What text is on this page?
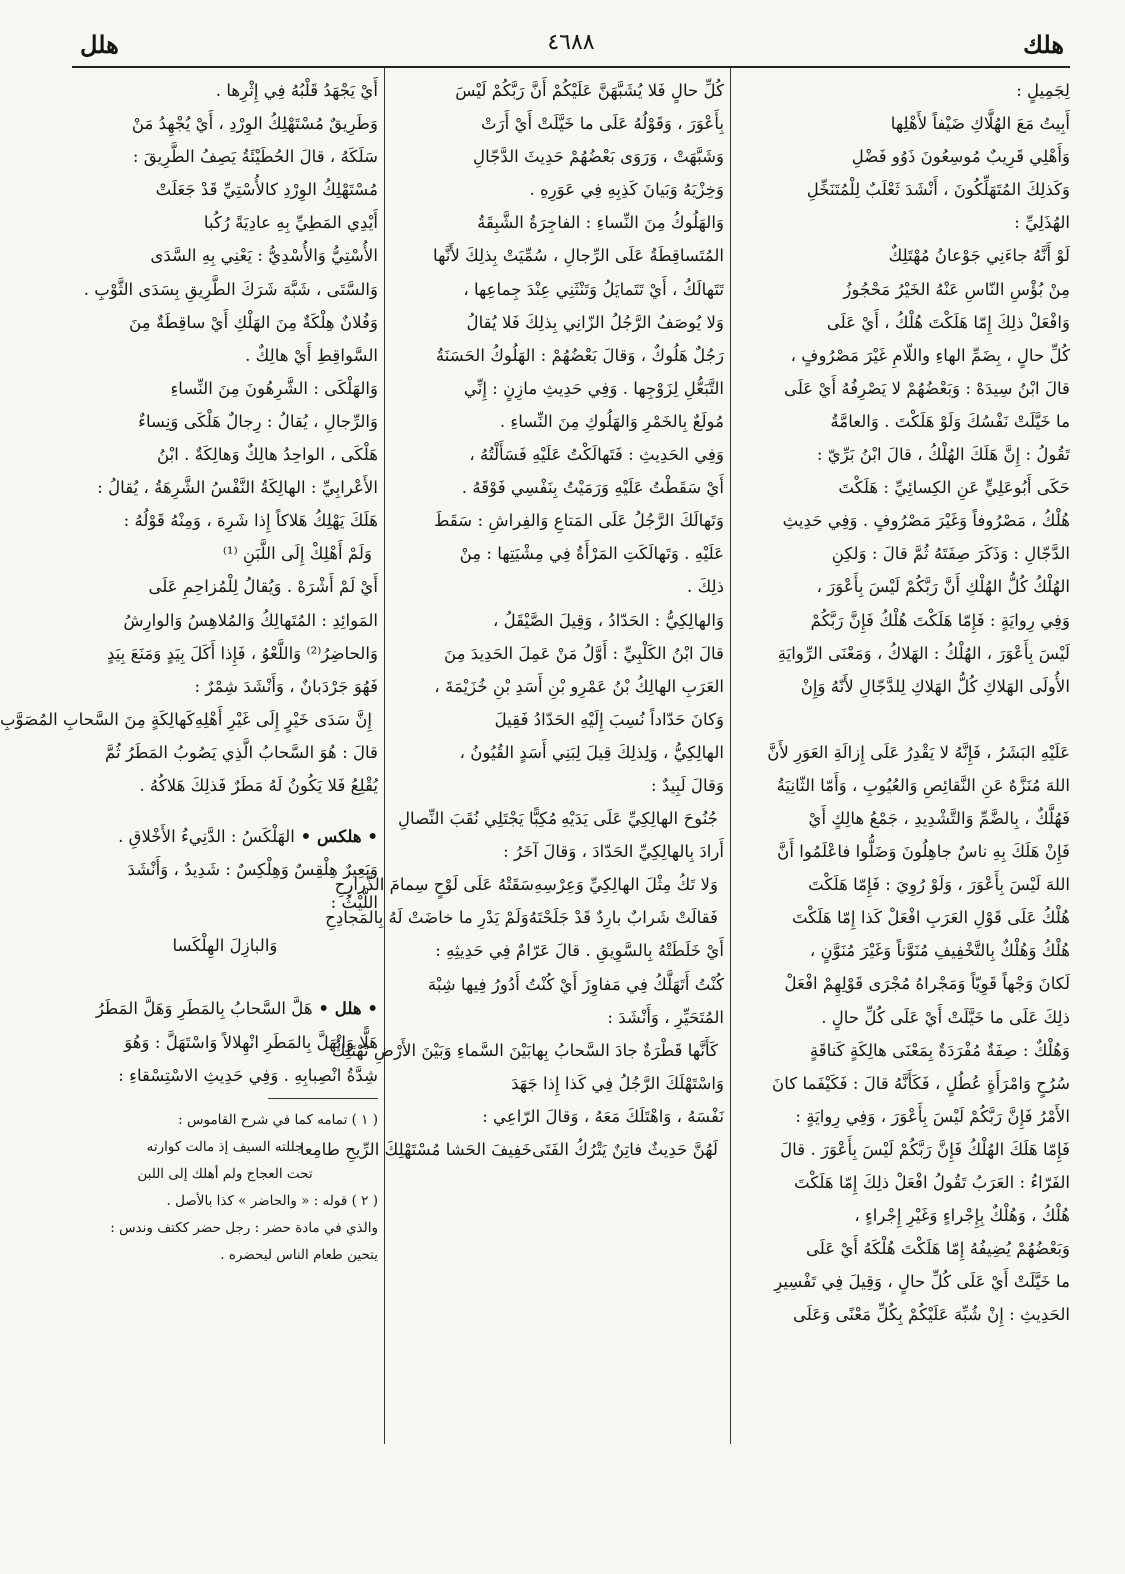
هلك
٤٦٨٨
هلل
لِجَمِيلٍ :
أَبِيتُ مَعَ الهُلَّاكِ ضَيْفاً لأَهْلِها
وَأَهْلِي قَرِيبٌ مُوسِعُونَ ذَوُو فَضْلِ
وَكَذلِكَ المُتَهَلِّكُونَ ، أَنْشَدَ ثَعْلَبٌ لِلْمُتَنَخِّلِ
الهُذَلِيِّ :
لَوْ أَنَّهُ جاءَنِي جَوْعانُ مُهْتَلِكٌ
مِنْ بُؤْسِ النّاسِ عَنْهُ الخَيْرُ مَحْجُوزُ
وَافْعَلْ ذلِكَ إِمّا هَلَكْتَ هُلْكُ ، أَيْ عَلَى
كُلِّ حالٍ ، بِضَمِّ الهاءِ واللّامِ غَيْرَ مَصْرُوفٍ ،
قالَ ابْنُ سِيدَهْ : وَبَعْضُهُمْ لا يَصْرِفُهُ أَيْ عَلَى
ما خَيَّلَتْ نَفْسُكَ وَلَوْ هَلَكْتَ . وَالعامَّةُ
تَقُولُ : إِنَّ هَلَكَ الهُلْكُ ، قالَ ابْنُ بَرِّيّ :
حَكَى أَبُوعَلِيٍّ عَنِ الكِسائِيِّ : هَلَكْتَ
هُلْكُ ، مَصْرُوفاً وَغَيْرَ مَصْرُوفٍ . وَفِي حَدِيثِ
الدَّجّالِ : وَذَكَرَ صِفَتَهُ ثُمَّ قالَ : وَلكِنِ
الهُلْكُ كُلُّ الهُلْكِ أَنَّ رَبَّكُمْ لَيْسَ بِأَعْوَرَ ،
وَفِي رِوايَةٍ : فَإِمّا هَلَكْتَ هُلْكُ فَإِنَّ رَبَّكُمْ
لَيْسَ بِأَعْوَرَ ، الهُلْكُ : الهَلاكُ ، وَمَعْنَى الرِّوايَةِ
الأُولَى الهَلاكِ كُلُّ الهَلاكِ لِلدَّجّالِ لأَنّهُ وَإِنْ
عَلَيْهِ البَشَرُ ، فَإِنَّهُ لا يَقْدِرُ عَلَى إِزالَةِ العَوَرِ لأَنَّ
اللهَ مُنَزَّهٌ عَنِ النَّقائِصِ وَالعُيُوبِ ، وَأَمّا الثّانِيَةُ
فَهُلَّكٌ ، بِالضَّمِّ وَالتَّشْدِيدِ ، جَمْعُ هالِكٍ أَيْ
فَإِنْ هَلَكَ بِهِ ناسٌ جاهِلُونَ وَضَلُّوا فاعْلَمُوا أَنَّ
اللهَ لَيْسَ بِأَعْوَرَ ، وَلَوْ رُوِيَ : فَإِمّا هَلَكْتَ
هُلْكُ عَلَى قَوْلِ العَرَبِ افْعَلْ كَذا إِمّا هَلَكْتَ
هُلْكُ وَهُلْكٌ بِالتَّخْفِيفِ مُنَوَّناً وَغَيْرَ مُنَوَّنٍ ،
لَكانَ وَجْهاً قَوِيّاً وَمَجْراهُ مُجْرَى قَوْلِهِمْ افْعَلْ
ذلِكَ عَلَى ما خَيَّلَتْ أَيْ عَلَى كُلِّ حالٍ .
وَهُلْكٌ : صِفَةٌ مُفْرَدَةٌ بِمَعْنَى هالِكَةٍ كَناقَةٍ
سُرُحٍ وَامْرَأَةٍ عُطُلٍ ، فَكَأَنَّهُ قالَ : فَكَيْفَما كانَ
الأَمْرُ فَإِنَّ رَبَّكُمْ لَيْسَ بِأَعْوَرَ ، وَفِي رِوايَةٍ :
فَإِمّا هَلَكَ الهُلْكُ فَإِنَّ رَبَّكُمْ لَيْسَ بِأَعْوَرَ . قالَ
الفَرّاءُ : العَرَبُ تَقُولُ افْعَلْ ذلِكَ إِمّا هَلَكْتَ
هُلْكُ ، وَهُلْكٌ بِإِجْراءٍ وَغَيْرِ إِجْراءٍ ،
وَبَعْضُهُمْ يُضِيفُهُ إِمّا هَلَكْتَ هُلْكَهُ أَيْ عَلَى
ما خَيَّلَتْ أَيْ عَلَى كُلِّ حالٍ ، وَقِيلَ فِي تَفْسِيرِ
الحَدِيثِ : إِنْ شُبِّهَ عَلَيْكُمْ بِكُلِّ مَعْنًى وَعَلَى
كُلِّ حالٍ فَلا يُشَبَّهَنَّ عَلَيْكُمْ أَنَّ رَبَّكُمْ لَيْسَ
بِأَعْوَرَ ، وَقَوْلُهُ عَلَى ما خَيَّلَتْ أَيْ أَرَتْ
وَشَبَّهَتْ ، وَرَوَى بَعْضُهُمْ حَدِيثَ الدَّجّالِ
وَخِزْيَهُ وَبَيانَ كَذِبِهِ فِي عَوَرِهِ .
وَالهَلُوكُ مِنَ النِّساءِ : الفاجِرَةُ الشَّبِقَةُ
المُتَساقِطَةُ عَلَى الرِّجالِ ، سُمِّيَتْ بِذلِكَ لأَنَّها
تَتَهالَكُ ، أَيْ تَتَمايَلُ وَتَنْثَنِي عِنْدَ جِماعِها ،
وَلا يُوصَفُ الرَّجُلُ الزّانِي بِذلِكَ فَلا يُقالُ
رَجُلٌ هَلُوكٌ ، وَقالَ بَعْضُهُمْ : الهَلُوكُ الحَسَنَةُ
التَّبَعُّلِ لِزَوْجِها . وَفِي حَدِيثِ مازِنٍ : إِنِّي
مُولَعٌ بِالخَمْرِ وَالهَلُوكِ مِنَ النِّساءِ .
وَفِي الحَدِيثِ : فَتَهالَكْتُ عَلَيْهِ فَسَأَلْتُهُ ،
أَيْ سَقَطْتُ عَلَيْهِ وَرَمَيْتُ بِنَفْسِي فَوْقَهُ .
وَتَهالَكَ الرَّجُلُ عَلَى المَتاعِ وَالفِراشِ : سَقَطَ
عَلَيْهِ . وَتَهالَكَتِ المَرْأَةُ فِي مِشْيَتِها : مِنْ
ذلِكَ .
وَالهالِكِيُّ : الحَدّادُ ، وَقِيلَ الصَّيْقَلُ ،
قالَ ابْنُ الكَلْبِيِّ : أَوَّلُ مَنْ عَمِلَ الحَدِيدَ مِنَ
العَرَبِ الهالِكُ بْنُ عَمْرِو بْنِ أَسَدِ بْنِ خُزَيْمَةَ ،
وَكانَ حَدّاداً نُسِبَ إِلَيْهِ الحَدّادُ فَقِيلَ
الهالِكِيُّ ، وَلِذلِكَ قِيلَ لِبَنِي أَسَدٍ القُيُونُ ،
وَقالَ لَبِيدٌ :
جُنُوحَ الهالِكِيِّ عَلَى يَدَيْهِ
مُكِبًّا يَجْتَلِي نُقَبَ النِّصالِ
أَرادَ بِالهالِكِيِّ الحَدّادَ ، وَقالَ آخَرُ :
وَلا تَكُ مِثْلَ الهالِكِيِّ وَعِرْسِهِ
سَقَتْهُ عَلَى لَوْحٍ سِمامَ الذَّرارِحِ
فَقالَتْ شَرابٌ بارِدٌ قَدْ جَلَحْتَهُ
وَلَمْ يَدْرِ ما خاضَتْ لَهُ بِالمَجادِحِ
أَيْ خَلَطَتْهُ بِالسَّوِيقِ . قالَ عَرّامٌ فِي حَدِيثِهِ :
كُنْتُ أَتَهَلَّكُ فِي مَفاوِزَ أَيْ كُنْتُ أَدُورُ فِيها شِبْهَ
المُتَحَيِّرِ ، وَأَنْشَدَ :
كَأَنَّها قَطْرَةٌ جادَ السَّحابُ بِها
بَيْنَ السَّماءِ وَبَيْنَ الأَرْضِ تَهْتَلِكُ
وَاسْتَهْلَكَ الرَّجُلُ فِي كَذا إِذا جَهَدَ
نَفْسَهُ ، وَاهْتَلَكَ مَعَهُ ، وَقالَ الرّاعِي :
لَهُنَّ حَدِيثٌ فاتِنٌ يَتْرُكُ الفَتَى
خَفِيفَ الحَشا مُسْتَهْلِكَ الرِّيحِ طامِعا
أَيْ يَجْهَدُ قَلْبُهُ فِي إِثْرِها .
وَطَرِيقٌ مُسْتَهْلِكُ الوِرْدِ ، أَيْ يُجْهِدُ مَنْ
سَلَكَهُ ، قالَ الحُطَيْئَةُ يَصِفُ الطَّرِيقَ :
مُسْتَهْلِكُ الوِرْدِ كالأُسْتِيِّ قَدْ جَعَلَتْ
أَيْدِي المَطِيِّ بِهِ عادِيَةً رُكُبا
الأُسْتِيُّ وَالأُسْدِيُّ : يَعْنِي بِهِ السَّدَى
وَالسَّتَى ، شَبَّهَ شَرَكَ الطَّرِيقِ بِسَدَى الثَّوْبِ .
وَفُلانٌ هِلْكَةٌ مِنَ الهَلْكِ أَيْ ساقِطَةٌ مِنَ
السَّواقِطِ أَيْ هالِكٌ .
وَالهَلْكَى : الشَّرِهُونَ مِنَ النِّساءِ
وَالرِّجالِ ، يُقالُ : رِجالٌ هَلْكَى وَنِساءٌ
هَلْكَى ، الواحِدُ هالِكٌ وَهالِكَةٌ . ابْنُ
الأَعْرابِيِّ : الهالِكَةُ النَّفْسُ الشَّرِهَةُ ، يُقالُ :
هَلَكَ يَهْلِكُ هَلاكاً إِذا شَرِهَ ، وَمِنْهُ قَوْلُهُ :
وَلَمْ أَهْلِكْ إِلَى اللَّبَنِ ⁽¹⁾
أَيْ لَمْ أَشْرَهْ . وَيُقالُ لِلْمُزاحِمِ عَلَى
المَوائِدِ : المُتَهالِكُ وَالمُلاهِسُ وَالوارِشُ
وَالحاضِرُ⁽²⁾ وَاللَّعْوُ ، فَإِذا أَكَلَ بِيَدٍ وَمَنَعَ بِيَدٍ
فَهُوَ جَرْدَبانٌ ، وَأَنْشَدَ شِمْرٌ :
إِنَّ سَدَى خَيْرٍ إِلَى غَيْرِ أَهْلِهِ
كَهالِكَةٍ مِنَ السَّحابِ المُصَوَّبِ
قالَ : هُوَ السَّحابُ الَّذِي يَصُوبُ المَطَرُ ثُمَّ
يُقْلِعُ فَلا يَكُونُ لَهُ مَطَرٌ فَذلِكَ هَلاكُهُ .
• هلكس • الهَلْكَسُ : الدَّنِيءُ الأَخْلاقِ .
وَبَعِيرٌ هِلْقِسٌ وَهِلْكِسٌ : شَدِيدٌ ، وَأَنْشَدَ
اللَّيْثُ :
وَالبازِلَ الهِلْكَسا
• هلل • هَلَّ السَّحابُ بِالمَطَرِ وَهَلَّ المَطَرُ
هَلًّا وَانْهَلَّ بِالمَطَرِ انْهِلالاً وَاسْتَهَلَّ : وَهُوَ
شِدَّةُ انْصِبابِهِ . وَفِي حَدِيثِ الاسْتِسْقاءِ :
( ١ ) تمامه كما في شرح القاموس :
جللته السيف إذ مالت كوارته
تحت العجاج ولم أهلك إلى اللبن
( ٢ ) قوله : « والحاضر » كذا بالأصل .
والذي في مادة حضر : رجل حضر ككتف وندس :
يتحين طعام الناس ليحضره .
